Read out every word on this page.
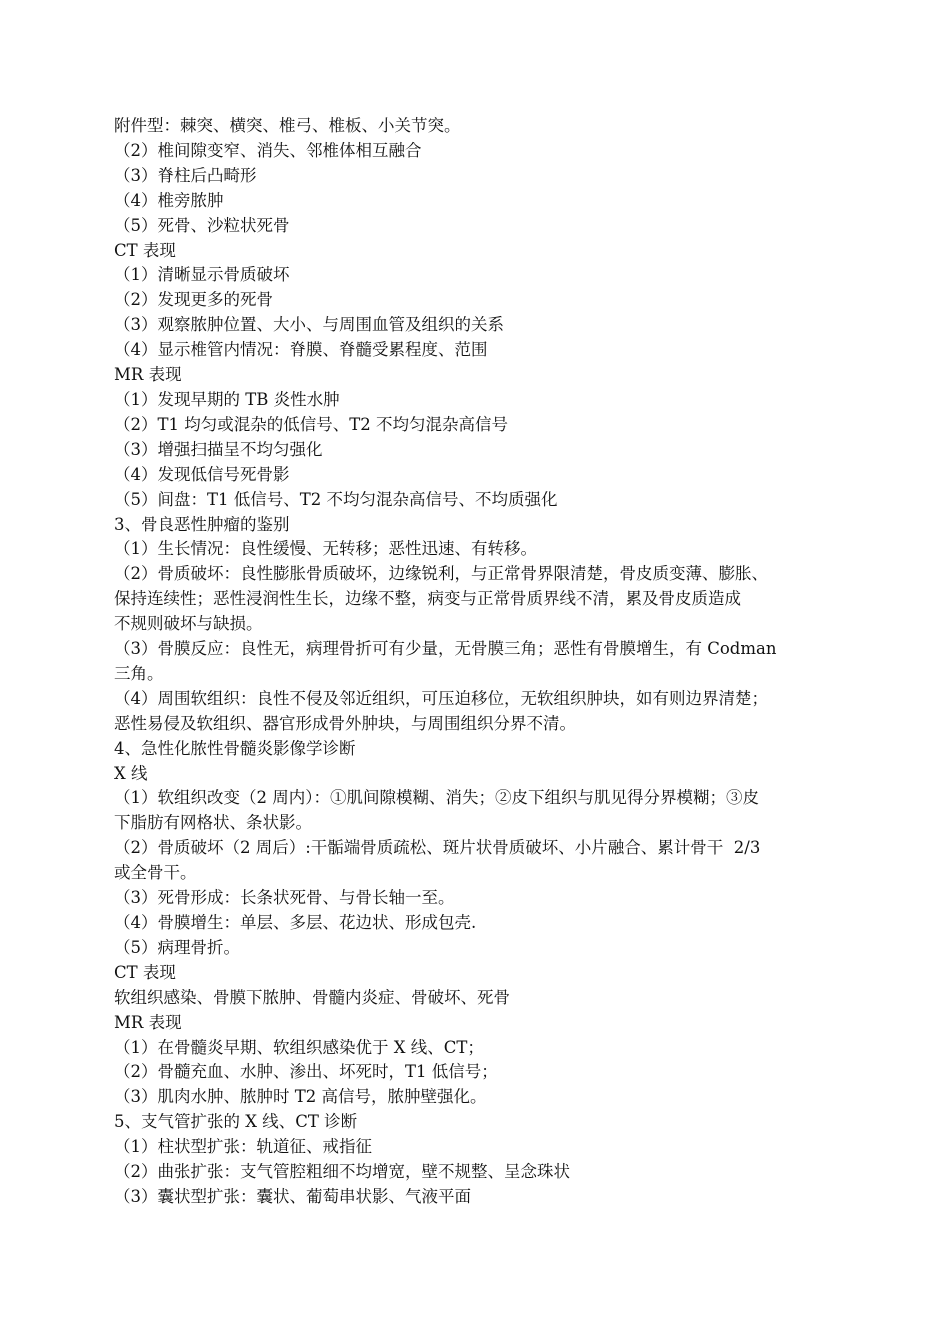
附件型：棘突、横突、椎弓、椎板、小关节突。

（2）椎间隙变窄、消失、邻椎体相互融合

（3）脊柱后凸畸形

（4）椎旁脓肿

（5）死骨、沙粒状死骨

CT 表现

（1）清晰显示骨质破坏

（2）发现更多的死骨

（3）观察脓肿位置、大小、与周围血管及组织的关系

（4）显示椎管内情况：脊膜、脊髓受累程度、范围

MR 表现

（1）发现早期的 TB 炎性水肿

（2）T1 均匀或混杂的低信号、T2 不均匀混杂高信号

（3）增强扫描呈不均匀强化

（4）发现低信号死骨影

（5）间盘：T1 低信号、T2 不均匀混杂高信号、不均质强化

3、骨良恶性肿瘤的鉴别

（1）生长情况：良性缓慢、无转移；恶性迅速、有转移。

（2）骨质破坏：良性膨胀骨质破坏，边缘锐利，与正常骨界限清楚，骨皮质变薄、膨胀、

保持连续性；恶性浸润性生长，边缘不整，病变与正常骨质界线不清，累及骨皮质造成

不规则破坏与缺损。

（3）骨膜反应：良性无，病理骨折可有少量，无骨膜三角；恶性有骨膜增生，有 Codman

三角。

（4）周围软组织：良性不侵及邻近组织，可压迫移位，无软组织肿块，如有则边界清楚；

恶性易侵及软组织、器官形成骨外肿块，与周围组织分界不清。

4、急性化脓性骨髓炎影像学诊断

X 线

（1）软组织改变（2 周内）：①肌间隙模糊、消失；②皮下组织与肌见得分界模糊；③皮

下脂肪有网格状、条状影。

（2）骨质破坏（2 周后）:干骺端骨质疏松、斑片状骨质破坏、小片融合、累计骨干  2/3

或全骨干。

（3）死骨形成：长条状死骨、与骨长轴一至。

（4）骨膜增生：单层、多层、花边状、形成包壳.

（5）病理骨折。

CT 表现

软组织感染、骨膜下脓肿、骨髓内炎症、骨破坏、死骨

MR 表现

（1）在骨髓炎早期、软组织感染优于 X 线、CT；

（2）骨髓充血、水肿、渗出、坏死时，T1 低信号；

（3）肌肉水肿、脓肿时 T2 高信号，脓肿壁强化。

5、支气管扩张的 X 线、CT 诊断

（1）柱状型扩张：轨道征、戒指征

（2）曲张扩张：支气管腔粗细不均增宽，壁不规整、呈念珠状

（3）囊状型扩张：囊状、葡萄串状影、气液平面
